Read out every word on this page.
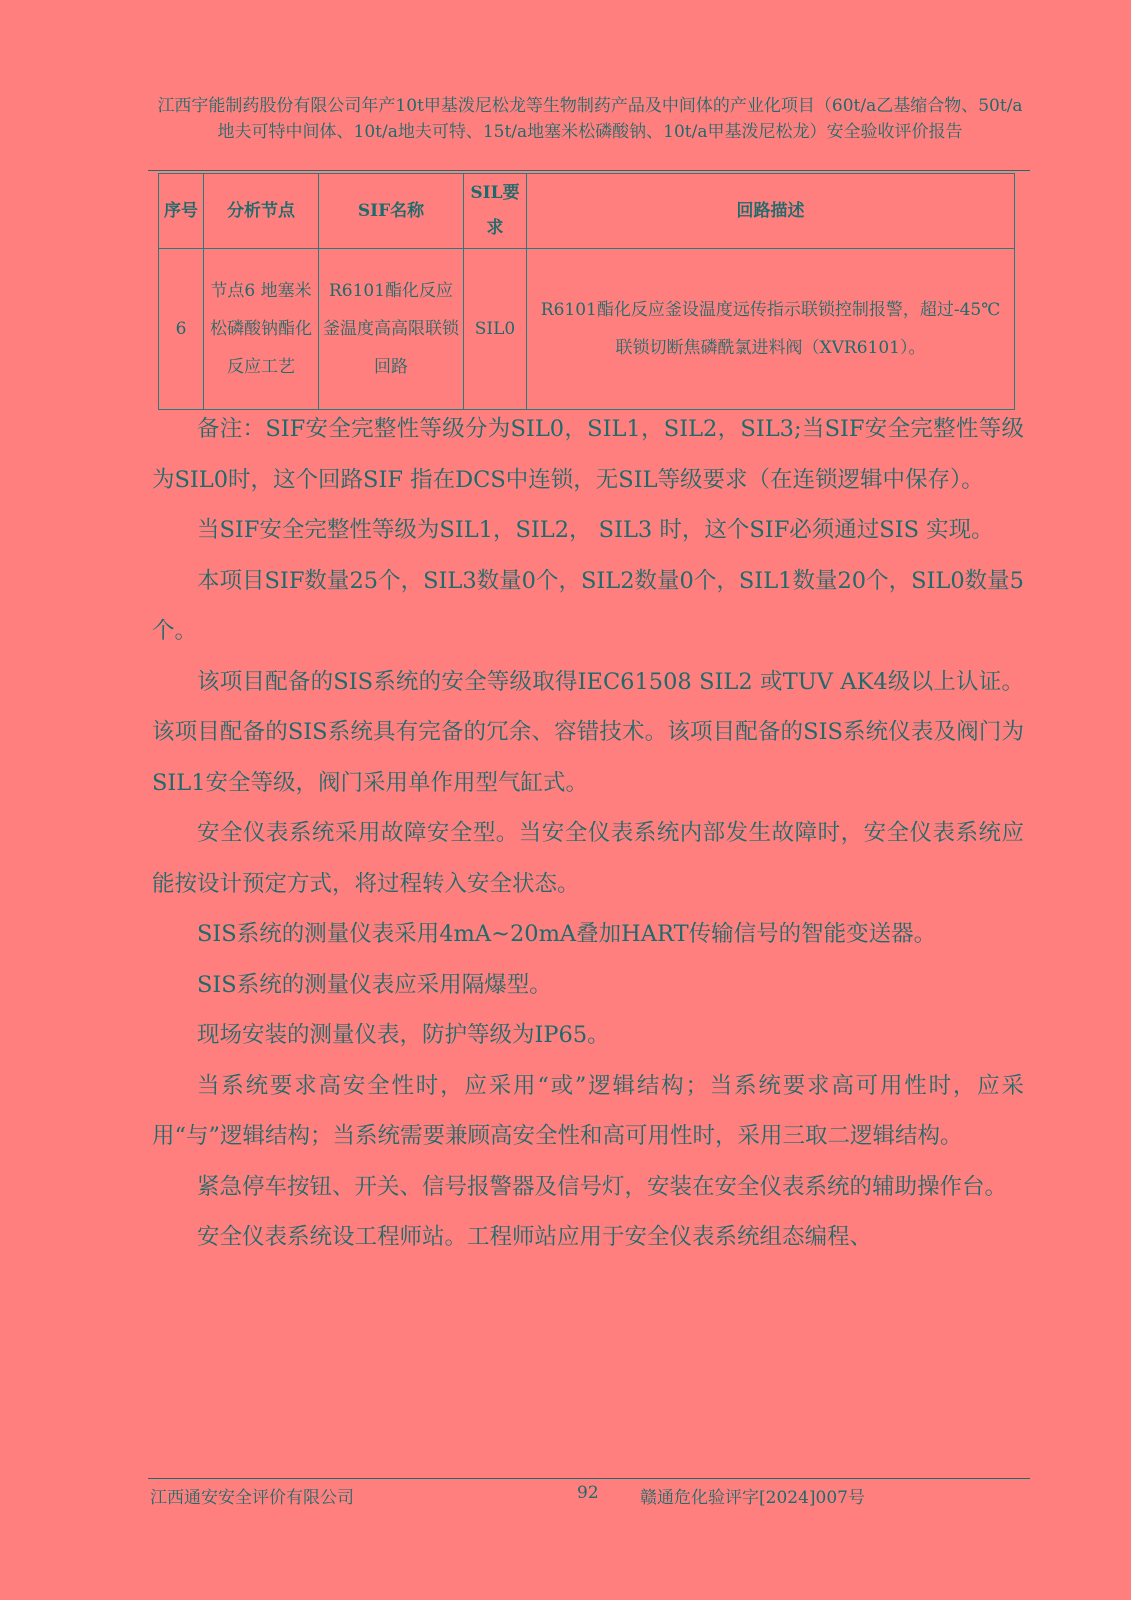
江西宇能制药股份有限公司年产10t甲基泼尼松龙等生物制药产品及中间体的产业化项目（60t/a乙基缩合物、50t/a地夫可特中间体、10t/a地夫可特、15t/a地塞米松磷酸钠、10t/a甲基泼尼松龙）安全验收评价报告
序号	分析节点	SIF名称	SIL要求	回路描述
6	节点6 地塞米松磷酸钠酯化反应工艺	R6101酯化反应釜温度高高限联锁回路	SIL0	R6101酯化反应釜设温度远传指示联锁控制报警，超过-45℃联锁切断焦磷酰氯进料阀（XVR6101）。

备注：SIF安全完整性等级分为SIL0，SIL1，SIL2，SIL3;当SIF安全完整性等级为SIL0时，这个回路SIF 指在DCS中连锁，无SIL等级要求（在连锁逻辑中保存）。

当SIF安全完整性等级为SIL1，SIL2， SIL3 时，这个SIF必须通过SIS 实现。

本项目SIF数量25个，SIL3数量0个，SIL2数量0个，SIL1数量20个，SIL0数量5个。

该项目配备的SIS系统的安全等级取得IEC61508 SIL2 或TUV AK4级以上认证。该项目配备的SIS系统具有完备的冗余、容错技术。该项目配备的SIS系统仪表及阀门为SIL1安全等级，阀门采用单作用型气缸式。

安全仪表系统采用故障安全型。当安全仪表系统内部发生故障时，安全仪表系统应能按设计预定方式，将过程转入安全状态。

SIS系统的测量仪表采用4mA~20mA叠加HART传输信号的智能变送器。

SIS系统的测量仪表应采用隔爆型。

现场安装的测量仪表，防护等级为IP65。

当系统要求高安全性时，应采用“或”逻辑结构；当系统要求高可用性时，应采用“与”逻辑结构；当系统需要兼顾高安全性和高可用性时，采用三取二逻辑结构。

紧急停车按钮、开关、信号报警器及信号灯，安装在安全仪表系统的辅助操作台。

安全仪表系统设工程师站。工程师站应用于安全仪表系统组态编程、

江西通安安全评价有限公司	92 赣通危化验评字[2024]007号
